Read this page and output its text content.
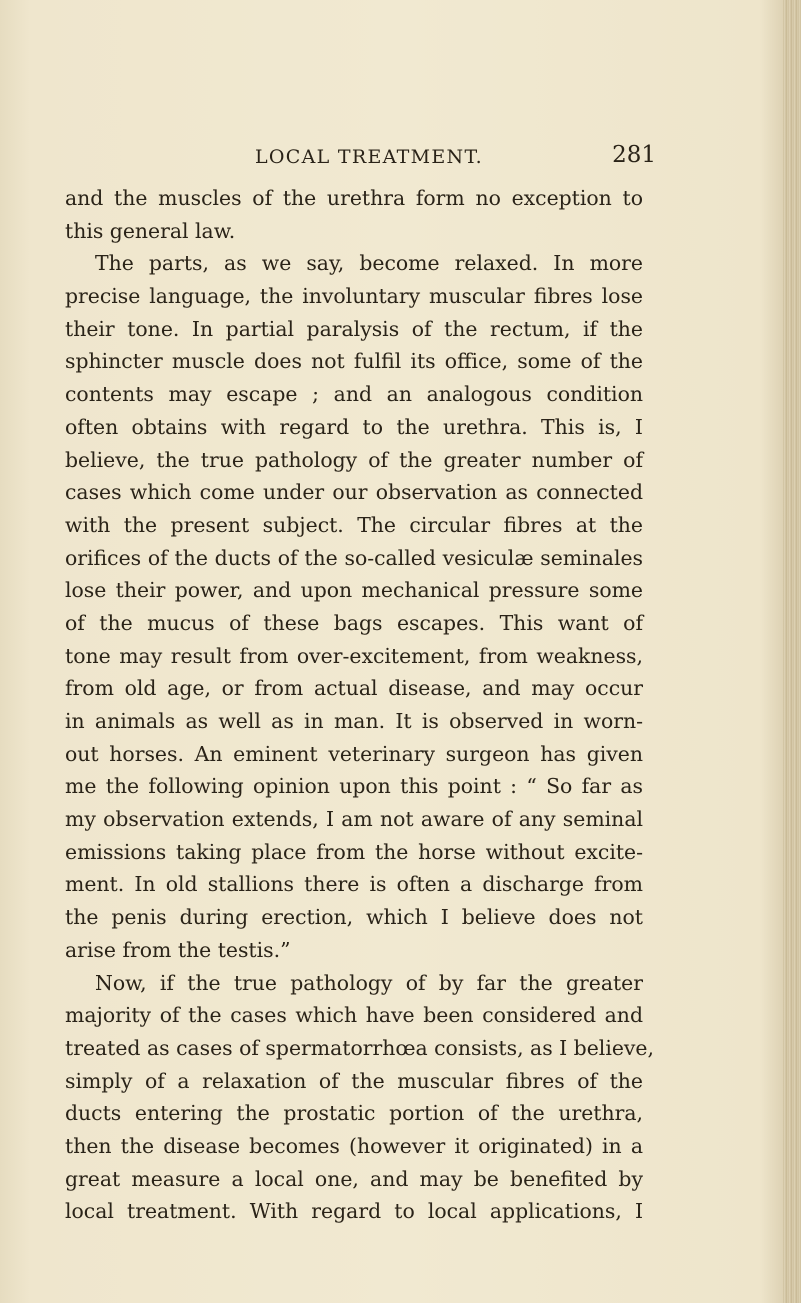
LOCAL TREATMENT.	281
and the muscles of the urethra form no exception to
this general law.
The parts, as we say, become relaxed. In more
precise language, the involuntary muscular fibres lose
their tone. In partial paralysis of the rectum, if the
sphincter muscle does not fulfil its office, some of the
contents may escape ; and an analogous condition
often obtains with regard to the urethra. This is, I
believe, the true pathology of the greater number of
cases which come under our observation as connected
with the present subject. The circular fibres at the
orifices of the ducts of the so-called vesiculæ seminales
lose their power, and upon mechanical pressure some
of the mucus of these bags escapes. This want of
tone may result from over-excitement, from weakness,
from old age, or from actual disease, and may occur
in animals as well as in man. It is observed in worn-
out horses. An eminent veterinary surgeon has given
me the following opinion upon this point : “ So far as
my observation extends, I am not aware of any seminal
emissions taking place from the horse without excite-
ment. In old stallions there is often a discharge from
the penis during erection, which I believe does not
arise from the testis.”
Now, if the true pathology of by far the greater
majority of the cases which have been considered and
treated as cases of spermatorrhœa consists, as I believe,
simply of a relaxation of the muscular fibres of the
ducts entering the prostatic portion of the urethra,
then the disease becomes (however it originated) in a
great measure a local one, and may be benefited by
local treatment. With regard to local applications, I
